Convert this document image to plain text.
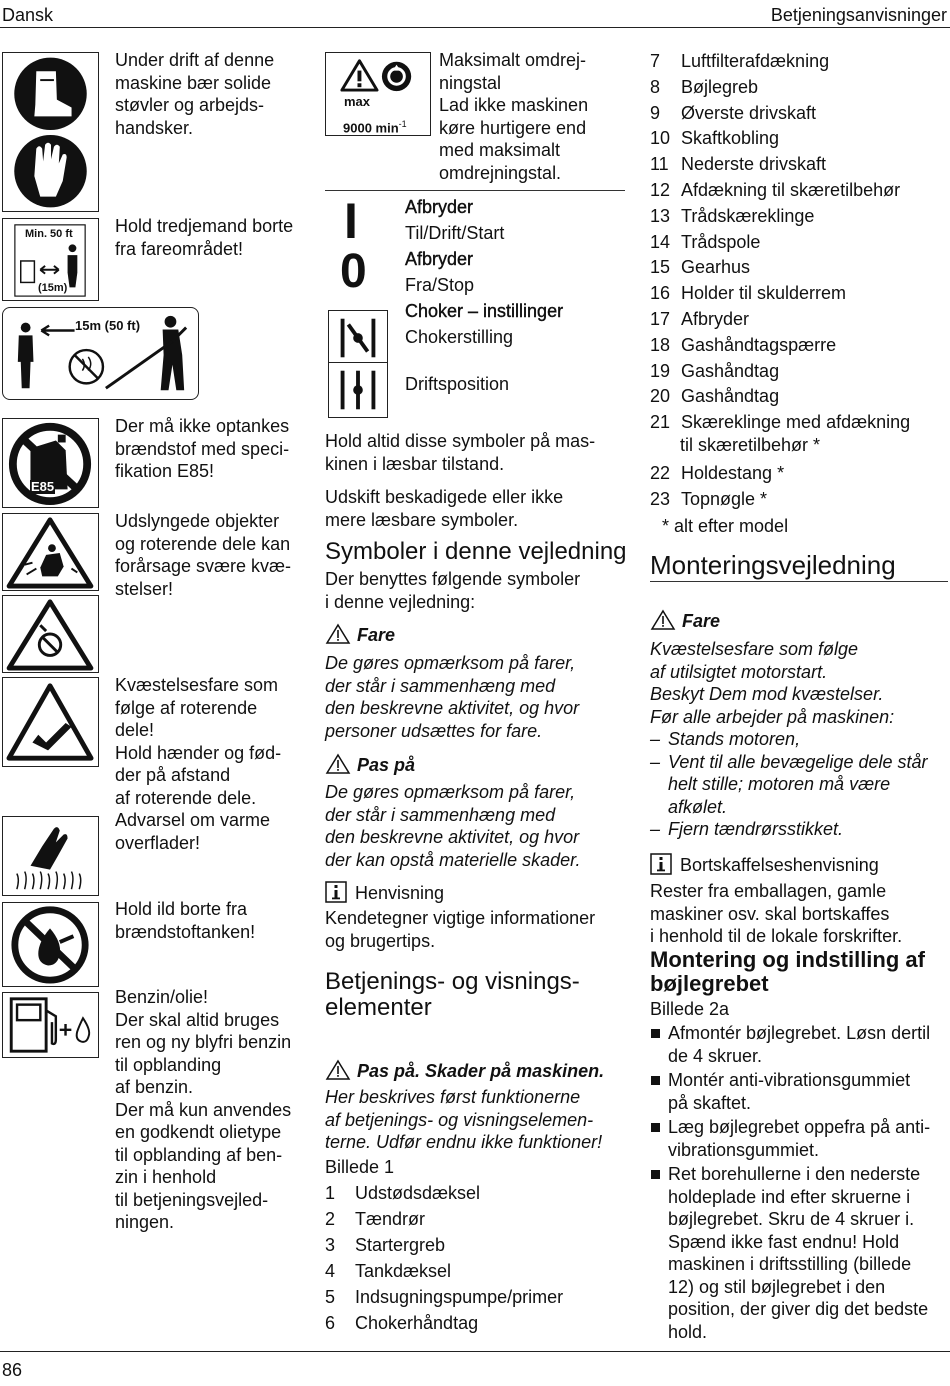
Dansk	Betjeningsanvisninger
Min. 50 ft
(15m)
15m (50 ft)
E85

Under drift af denne

maskine bær solide

støvler og arbejds-

handsker.

Hold tredjemand borte

fra fareområdet!

Der må ikke optankes

brændstof med speci-

fikation E85!

Udslyngede objekter

og roterende dele kan

forårsage svære kvæ-

stelser!

Kvæstelsesfare som

følge af roterende

dele!

Hold hænder og fød-

der på afstand

af roterende dele.

Advarsel om varme

overflader!

Hold ild borte fra

brændstoftanken!

Benzin/olie!

Der skal altid bruges

ren og ny blyfri benzin

til opblanding

af benzin.

Der må kun anvendes

en godkendt olietype

til opblanding af ben-

zin i henhold

til betjeningsvejled-

ningen.

max
9000 $\min^{-1}$

Maksimalt omdrej-

ningstal

Lad ikke maskinen

køre hurtigere end

med maksimalt

omdrejningstal.

I
0

Afbryder

Til/Drift/Start

Afbryder

Fra/Stop

Choker – instillinger

Chokerstilling

Driftsposition

Hold altid disse symboler på mas-

kinen i læsbar tilstand.

Udskift beskadigede eller ikke

mere læsbare symboler.

Symboler i denne vejledning

Der benyttes følgende symboler

i denne vejledning:

Fare

De gøres opmærksom på farer,

der står i sammenhæng med

den beskrevne aktivitet, og hvor

personer udsættes for fare.

Pas på

De gøres opmærksom på farer,

der står i sammenhæng med

den beskrevne aktivitet, og hvor

der kan opstå materielle skader.

Henvisning

Kendetegner vigtige informationer

og brugertips.

Betjenings- og visnings-
elementer
Pas på. Skader på maskinen.

Her beskrives først funktionerne

af betjenings- og visningselemen-

terne. Udfør endnu ikke funktioner!

Billede 1

1 Udstødsdæksel

2 Tændrør

3 Startergreb

4 Tankdæksel

5 Indsugningspumpe/primer

6 Chokerhåndtag

7 Luftfilterafdækning

8 Bøjlegreb

9 Øverste drivskaft

10 Skaftkobling

11 Nederste drivskaft

12 Afdækning til skæretilbehør

13 Trådskæreklinge

14 Trådspole

15 Gearhus

16 Holder til skulderrem

17 Afbryder

18 Gashåndtagspærre

19 Gashåndtag

20 Gashåndtag

21 Skæreklinge med afdækning

til skæretilbehør *

22 Holdestang *

23 Topnøgle *

* alt efter model
Monteringsvejledning
Fare

Kvæstelsesfare som følge

af utilsigtet motorstart.

Beskyt Dem mod kvæstelser.

Før alle arbejder på maskinen:

– Stands motoren,

– Vent til alle bevægelige dele står

helt stille; motoren må være

afkølet.

– Fjern tændrørsstikket.

Bortskaffelseshenvisning

Rester fra emballagen, gamle

maskiner osv. skal bortskaffes

i henhold til de lokale forskrifter.

Montering og indstilling af
bøjlegrebet
Billede 2a

Afmontér bøjlegrebet. Løsn dertil

de 4 skruer.

Montér anti-vibrationsgummiet

på skaftet.

Læg bøjlegrebet oppefra på anti-

vibrationsgummiet.

Ret borehullerne i den nederste

holdeplade ind efter skruerne i

bøjlegrebet. Skru de 4 skruer i.

Spænd ikke fast endnu! Hold

maskinen i driftsstilling (billede

12) og stil bøjlegrebet i den

position, der giver dig det bedste

hold.

86
